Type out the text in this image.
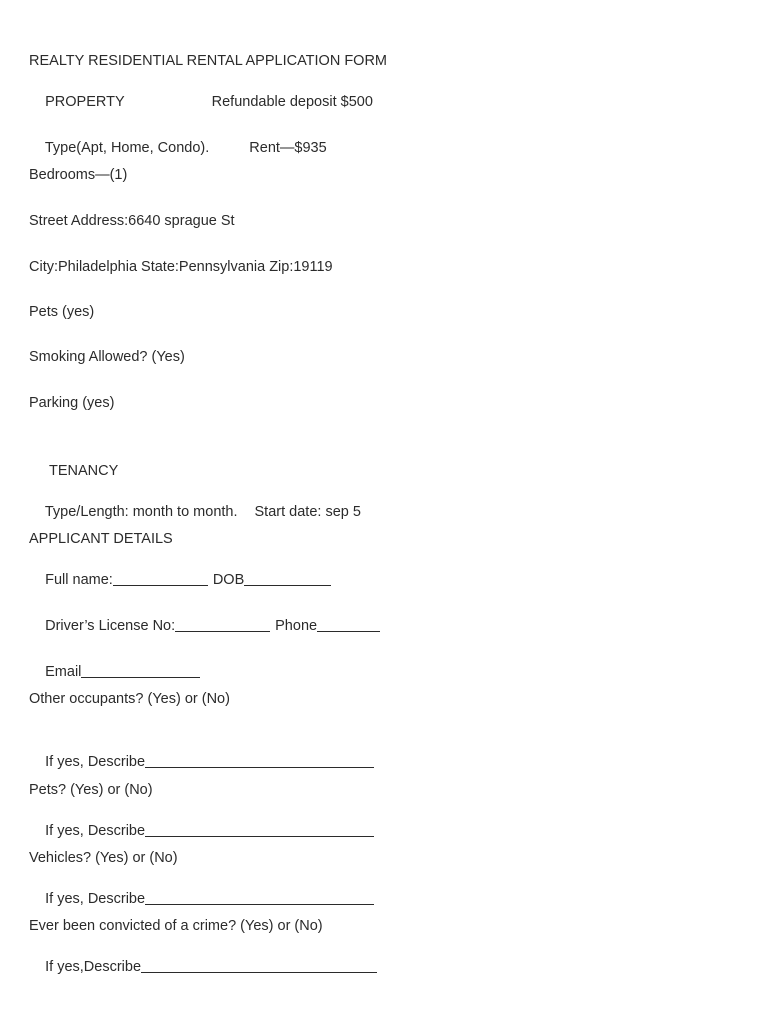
REALTY RESIDENTIAL RENTAL APPLICATION FORM

PROPERTY	Refundable deposit $500

Type(Apt, Home, Condo).	Rent—$935

Bedrooms—(1)
Street Address:6640 sprague St
City:Philadelphia State:Pennsylvania Zip:19119
Pets (yes)
Smoking Allowed? (Yes)
Parking (yes)
TENANCY

Type/Length: month to month. Start date: sep 5

APPLICANT DETAILS

Full name:	DOB

Driver’s License No:	Phone

Email

Other occupants? (Yes) or (No)

If yes, Describe

Pets? (Yes) or (No)

If yes, Describe

Vehicles? (Yes) or (No)

If yes, Describe

Ever been convicted of a crime? (Yes) or (No)

If yes,Describe
